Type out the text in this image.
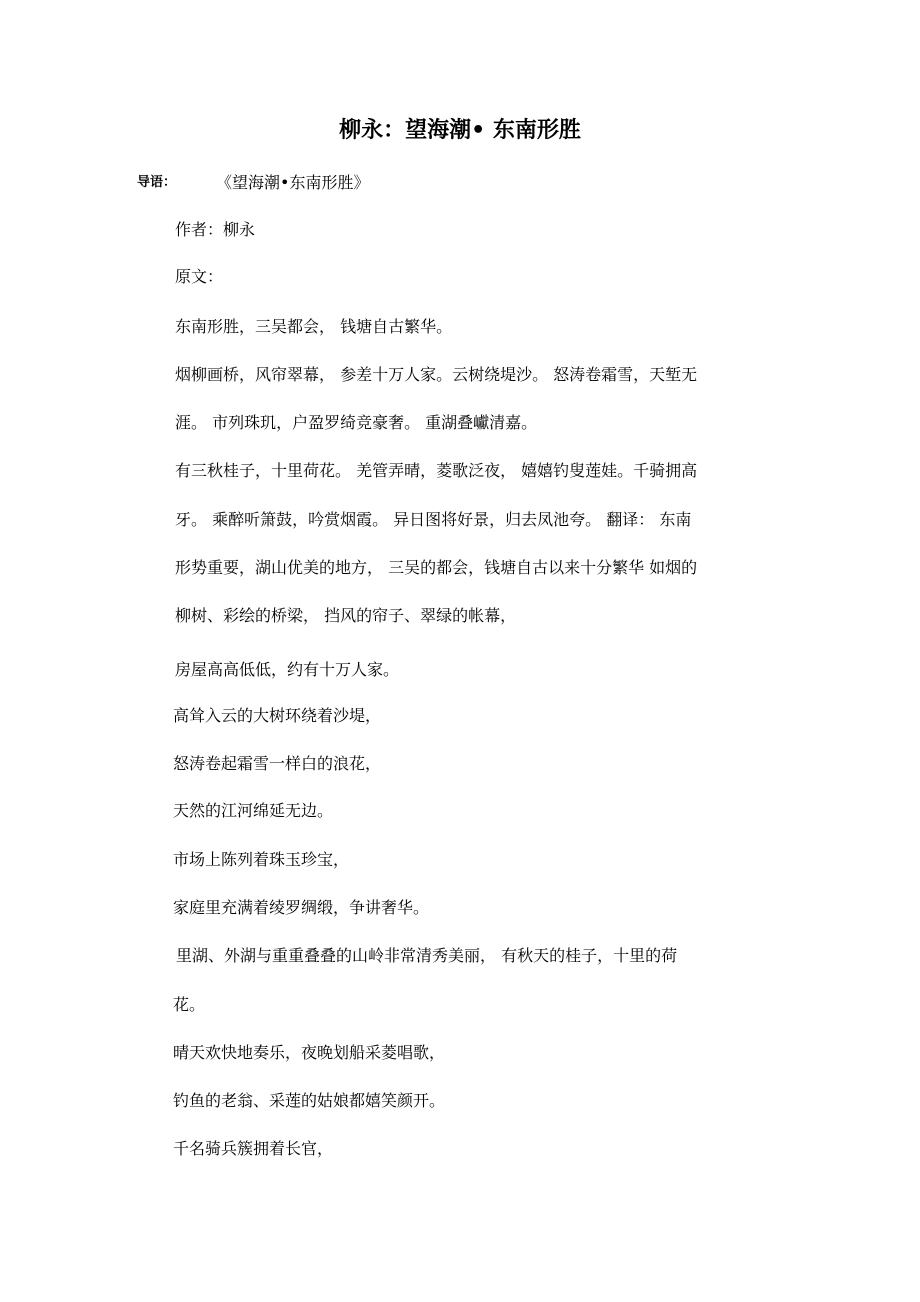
柳永：望海潮• 东南形胜
导语： 《望海潮•东南形胜》
作者：柳永
原文：
东南形胜，三吴都会， 钱塘自古繁华。
烟柳画桥，风帘翠幕， 参差十万人家。云树绕堤沙。 怒涛卷霜雪，天堑无
涯。 市列珠玑，户盈罗绮竞豪奢。 重湖叠巘清嘉。
有三秋桂子，十里荷花。 羌管弄晴，菱歌泛夜， 嬉嬉钓叟莲娃。千骑拥高
牙。 乘醉听箫鼓，吟赏烟霞。 异日图将好景，归去凤池夸。 翻译： 东南
形势重要，湖山优美的地方， 三吴的都会，钱塘自古以来十分繁华 如烟的
柳树、彩绘的桥梁， 挡风的帘子、翠绿的帐幕，
房屋高高低低，约有十万人家。
高耸入云的大树环绕着沙堤，
怒涛卷起霜雪一样白的浪花，
天然的江河绵延无边。
市场上陈列着珠玉珍宝，
家庭里充满着绫罗绸缎，争讲奢华。
里湖、外湖与重重叠叠的山岭非常清秀美丽， 有秋天的桂子，十里的荷
花。
晴天欢快地奏乐，夜晚划船采菱唱歌，
钓鱼的老翁、采莲的姑娘都嬉笑颜开。
千名骑兵簇拥着长官，
